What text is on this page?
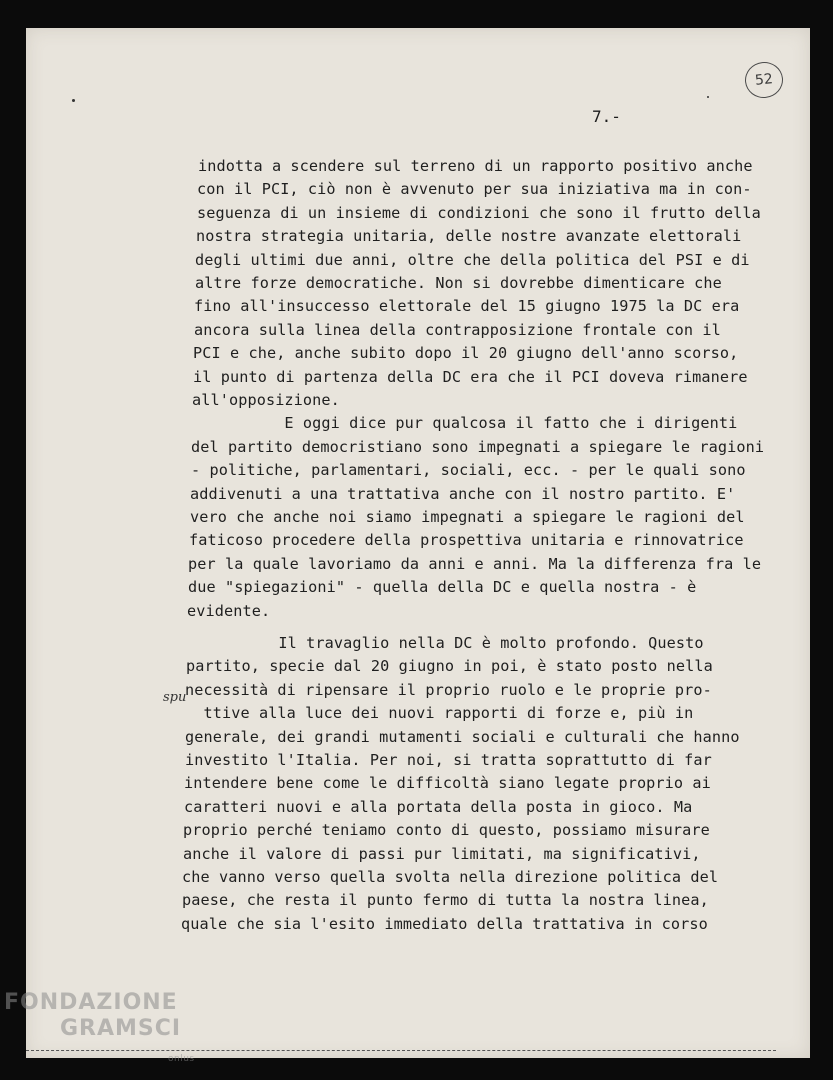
52
7.-
indotta a scendere sul terreno di un rapporto positivo anche
con il PCI, ciò non è avvenuto per sua iniziativa ma in con-
seguenza di un insieme di condizioni che sono il frutto della
nostra strategia unitaria, delle nostre avanzate elettorali
degli ultimi due anni, oltre che della politica del PSI e di
altre forze democratiche. Non si dovrebbe dimenticare che
fino all'insuccesso elettorale del 15 giugno 1975 la DC era
ancora sulla linea della contrapposizione frontale con il
PCI e che, anche subito dopo il 20 giugno dell'anno scorso,
il punto di partenza della DC era che il PCI doveva rimanere
all'opposizione.
E oggi dice pur qualcosa il fatto che i dirigenti
del partito democristiano sono impegnati a spiegare le ragioni
- politiche, parlamentari, sociali, ecc. - per le quali sono
addivenuti a una trattativa anche con il nostro partito. E'
vero che anche noi siamo impegnati a spiegare le ragioni del
faticoso procedere della prospettiva unitaria e rinnovatrice
per la quale lavoriamo da anni e anni. Ma la differenza fra le
due "spiegazioni" - quella della DC e quella nostra - è
evidente.
Il travaglio nella DC è molto profondo. Questo
partito, specie dal 20 giugno in poi, è stato posto nella
necessità di ripensare il proprio ruolo e le proprie pro-
ttive alla luce dei nuovi rapporti di forze e, più in
generale, dei grandi mutamenti sociali e culturali che hanno
investito l'Italia. Per noi, si tratta soprattutto di far
intendere bene come le difficoltà siano legate proprio ai
caratteri nuovi e alla portata della posta in gioco. Ma
proprio perché teniamo conto di questo, possiamo misurare
anche il valore di passi pur limitati, ma significativi,
che vanno verso quella svolta nella direzione politica del
paese, che resta il punto fermo di tutta la nostra linea,
quale che sia l'esito immediato della trattativa in corso
spu
FONDAZIONE
GRAMSCI
onlus
